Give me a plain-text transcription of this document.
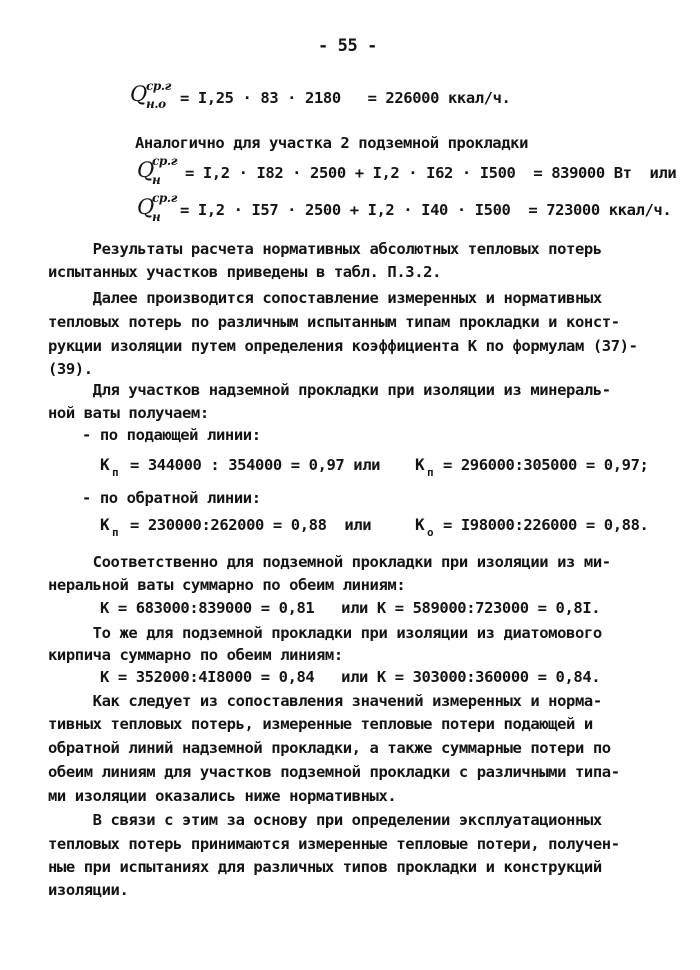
- 55 -
Q ср.г
н.о = I,25 · 83 · 2180   = 226000 ккал/ч.
Аналогично для участка 2 подземной прокладки
Q
ср.г
н = I,2 · I82 · 2500 + I,2 · I62 · I500  = 839000 Вт  или
Q
ср.г
н = I,2 · I57 · 2500 + I,2 · I40 · I500  = 723000 ккал/ч.
Результаты расчета нормативных абсолютных тепловых потерь
испытанных участков приведены в табл. П.3.2.
Далее производится сопоставление измеренных и нормативных
тепловых потерь по различным испытанным типам прокладки и конст-
рукции изоляции путем определения коэффициента К по формулам (37)-
(39).
Для участков надземной прокладки при изоляции из минераль-
ной ваты получаем:
- по подающей линии:
К п = 344000 : 354000 = 0,97 или К п = 296000:305000 = 0,97;
- по обратной линии:
К п = 230000:262000 = 0,88  или	К о = I98000:226000 = 0,88.
Соответственно для подземной прокладки при изоляции из ми-
неральной ваты суммарно по обеим линиям:
К = 683000:839000 = 0,81   или К = 589000:723000 = 0,8I.
То же для подземной прокладки при изоляции из диатомового
кирпича суммарно по обеим линиям:
К = 352000:4I8000 = 0,84   или К = 303000:360000 = 0,84.
Как следует из сопоставления значений измеренных и норма-
тивных тепловых потерь, измеренные тепловые потери подающей и
обратной линий надземной прокладки, а также суммарные потери по
обеим линиям для участков подземной прокладки с различными типа-
ми изоляции оказались ниже нормативных.
В связи с этим за основу при определении эксплуатационных
тепловых потерь принимаются измеренные тепловые потери, получен-
ные при испытаниях для различных типов прокладки и конструкций
изоляции.
